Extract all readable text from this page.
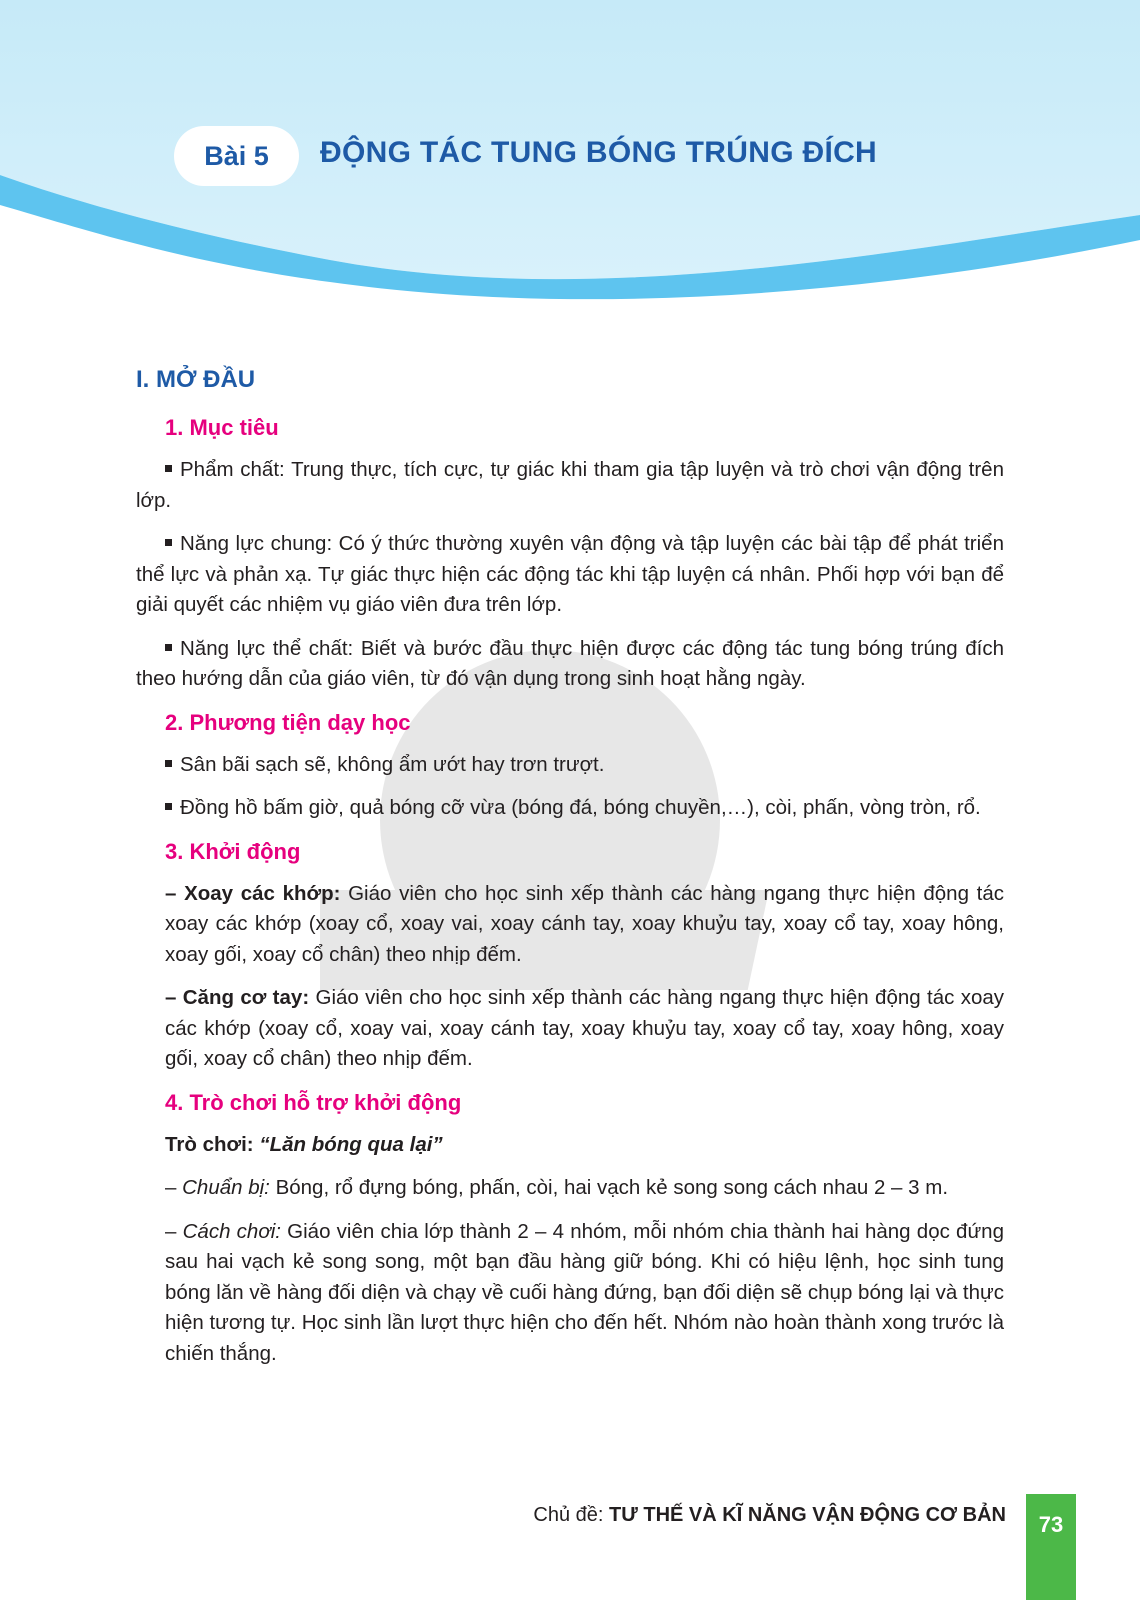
Bài 5	ĐỘNG TÁC TUNG BÓNG TRÚNG ĐÍCH
I. MỞ ĐẦU
1. Mục tiêu

Phẩm chất: Trung thực, tích cực, tự giác khi tham gia tập luyện và trò chơi vận động trên lớp.

Năng lực chung: Có ý thức thường xuyên vận động và tập luyện các bài tập để phát triển thể lực và phản xạ. Tự giác thực hiện các động tác khi tập luyện cá nhân. Phối hợp với bạn để giải quyết các nhiệm vụ giáo viên đưa trên lớp.

Năng lực thể chất: Biết và bước đầu thực hiện được các động tác tung bóng trúng đích theo hướng dẫn của giáo viên, từ đó vận dụng trong sinh hoạt hằng ngày.

2. Phương tiện dạy học

Sân bãi sạch sẽ, không ẩm ướt hay trơn trượt.

Đồng hồ bấm giờ, quả bóng cỡ vừa (bóng đá, bóng chuyền,…), còi, phấn, vòng tròn, rổ.

3. Khởi động

– Xoay các khớp: Giáo viên cho học sinh xếp thành các hàng ngang thực hiện động tác xoay các khớp (xoay cổ, xoay vai, xoay cánh tay, xoay khuỷu tay, xoay cổ tay, xoay hông, xoay gối, xoay cổ chân) theo nhịp đếm.

– Căng cơ tay: Giáo viên cho học sinh xếp thành các hàng ngang thực hiện động tác xoay các khớp (xoay cổ, xoay vai, xoay cánh tay, xoay khuỷu tay, xoay cổ tay, xoay hông, xoay gối, xoay cổ chân) theo nhịp đếm.

4. Trò chơi hỗ trợ khởi động

Trò chơi: “Lăn bóng qua lại”

– Chuẩn bị: Bóng, rổ đựng bóng, phấn, còi, hai vạch kẻ song song cách nhau 2 – 3 m.

– Cách chơi: Giáo viên chia lớp thành 2 – 4 nhóm, mỗi nhóm chia thành hai hàng dọc đứng sau hai vạch kẻ song song, một bạn đầu hàng giữ bóng. Khi có hiệu lệnh, học sinh tung bóng lăn về hàng đối diện và chạy về cuối hàng đứng, bạn đối diện sẽ chụp bóng lại và thực hiện tương tự. Học sinh lần lượt thực hiện cho đến hết. Nhóm nào hoàn thành xong trước là chiến thắng.

Chủ đề: TƯ THẾ VÀ KĨ NĂNG VẬN ĐỘNG CƠ BẢN	73
